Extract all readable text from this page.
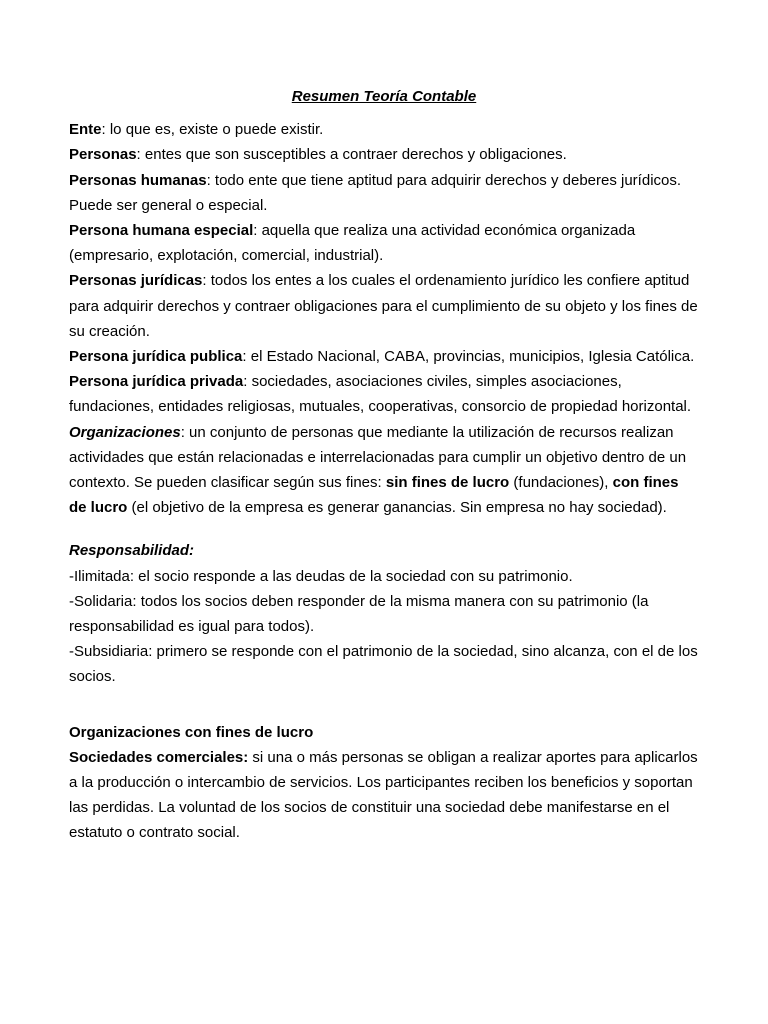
Resumen Teoría Contable

Ente: lo que es, existe o puede existir.

Personas: entes que son susceptibles a contraer derechos y obligaciones.

Personas humanas: todo ente que tiene aptitud para adquirir derechos y deberes jurídicos. Puede ser general o especial.

Persona humana especial: aquella que realiza una actividad económica organizada (empresario, explotación, comercial, industrial).

Personas jurídicas: todos los entes a los cuales el ordenamiento jurídico les confiere aptitud para adquirir derechos y contraer obligaciones para el cumplimiento de su objeto y los fines de su creación.

Persona jurídica publica: el Estado Nacional, CABA, provincias, municipios, Iglesia Católica.

Persona jurídica privada: sociedades, asociaciones civiles, simples asociaciones, fundaciones, entidades religiosas, mutuales, cooperativas, consorcio de propiedad horizontal.

Organizaciones: un conjunto de personas que mediante la utilización de recursos realizan actividades que están relacionadas e interrelacionadas para cumplir un objetivo dentro de un contexto. Se pueden clasificar según sus fines: sin fines de lucro (fundaciones), con fines de lucro (el objetivo de la empresa es generar ganancias. Sin empresa no hay sociedad).

Responsabilidad:

-Ilimitada: el socio responde a las deudas de la sociedad con su patrimonio.

-Solidaria: todos los socios deben responder de la misma manera con su patrimonio (la responsabilidad es igual para todos).

-Subsidiaria: primero se responde con el patrimonio de la sociedad, sino alcanza, con el de los socios.

Organizaciones con fines de lucro

Sociedades comerciales: si una o más personas se obligan a realizar aportes para aplicarlos a la producción o intercambio de servicios. Los participantes reciben los beneficios y soportan las perdidas. La voluntad de los socios de constituir una sociedad debe manifestarse en el estatuto o contrato social.
